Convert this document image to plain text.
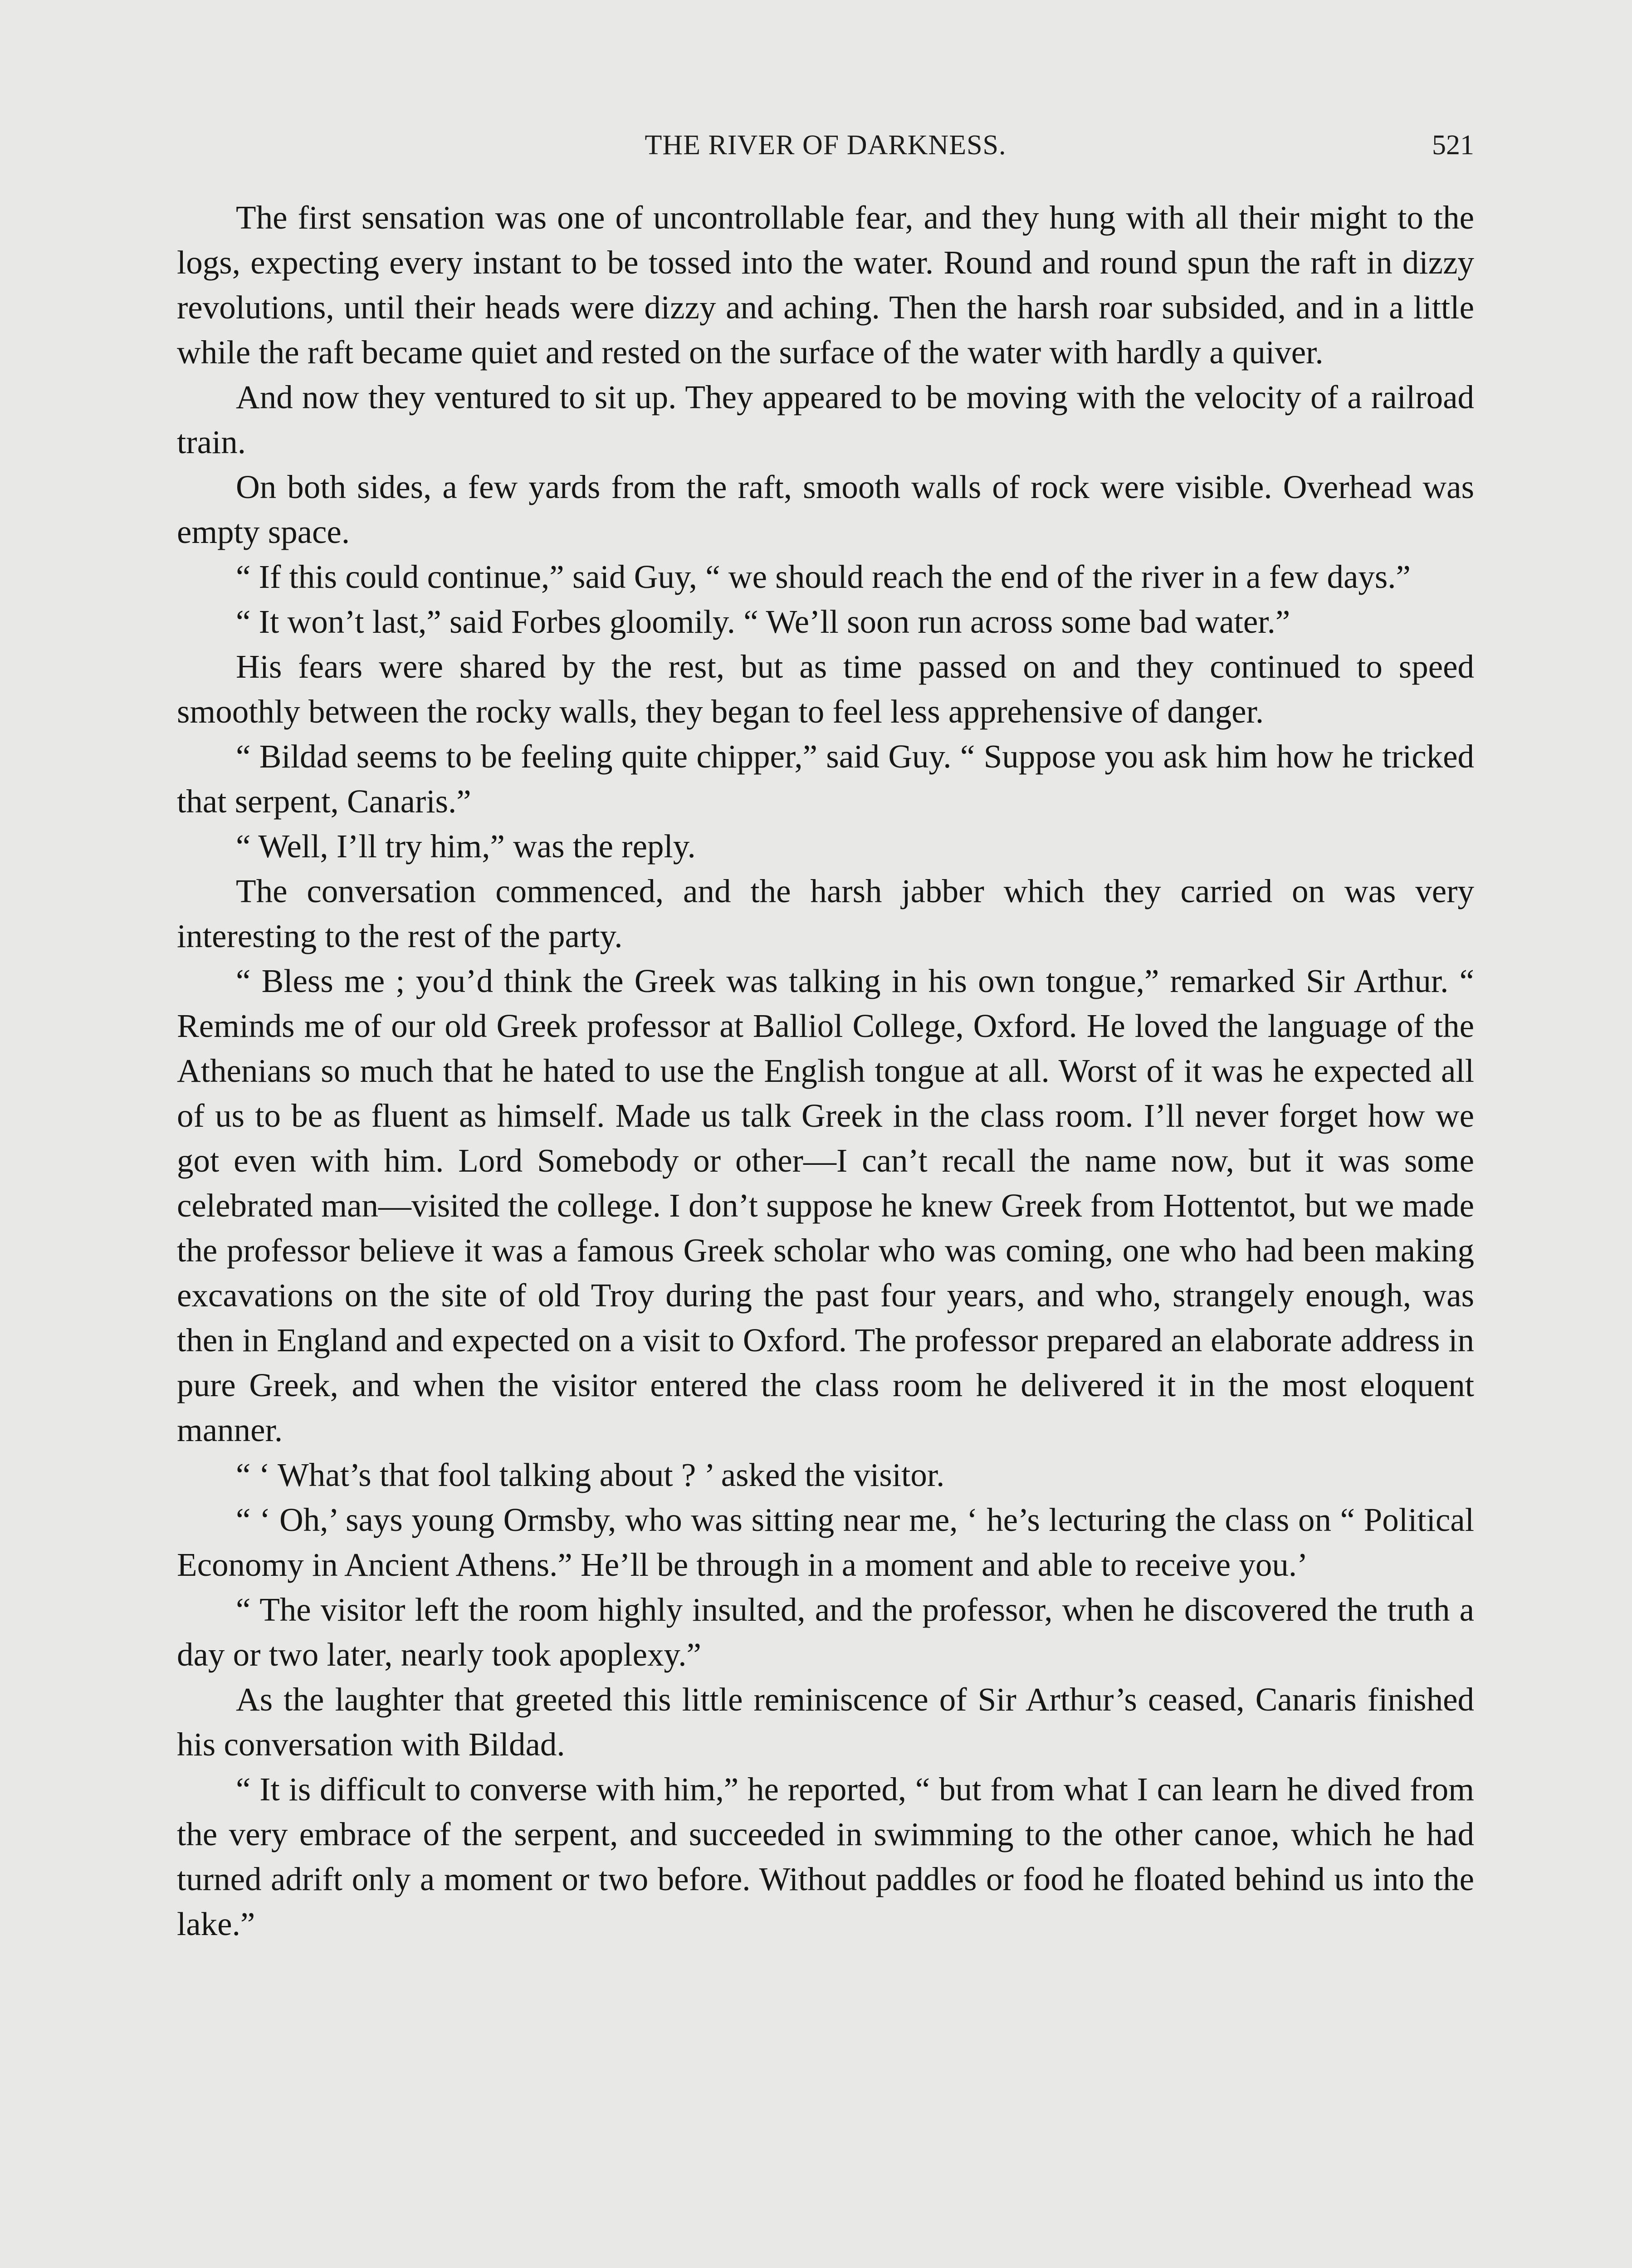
THE RIVER OF DARKNESS.	521

The first sensation was one of uncontrollable fear, and they hung with all their might to the logs, expecting every instant to be tossed into the water. Round and round spun the raft in dizzy revolutions, until their heads were dizzy and aching. Then the harsh roar subsided, and in a little while the raft became quiet and rested on the surface of the water with hardly a quiver.

And now they ventured to sit up. They appeared to be moving with the velocity of a railroad train.

On both sides, a few yards from the raft, smooth walls of rock were visible. Overhead was empty space.

“ If this could continue,” said Guy, “ we should reach the end of the river in a few days.”

“ It won’t last,” said Forbes gloomily. “ We’ll soon run across some bad water.”

His fears were shared by the rest, but as time passed on and they continued to speed smoothly between the rocky walls, they began to feel less apprehensive of danger.

“ Bildad seems to be feeling quite chipper,” said Guy. “ Suppose you ask him how he tricked that serpent, Canaris.”

“ Well, I’ll try him,” was the reply.

The conversation commenced, and the harsh jabber which they carried on was very interesting to the rest of the party.

“ Bless me ; you’d think the Greek was talking in his own tongue,” remarked Sir Arthur. “ Reminds me of our old Greek professor at Balliol College, Oxford. He loved the language of the Athenians so much that he hated to use the English tongue at all. Worst of it was he expected all of us to be as fluent as himself. Made us talk Greek in the class room. I’ll never forget how we got even with him. Lord Somebody or other—I can’t recall the name now, but it was some celebrated man—visited the college. I don’t suppose he knew Greek from Hottentot, but we made the professor believe it was a famous Greek scholar who was coming, one who had been making excavations on the site of old Troy during the past four years, and who, strangely enough, was then in England and expected on a visit to Oxford. The professor prepared an elaborate address in pure Greek, and when the visitor entered the class room he delivered it in the most eloquent manner.

“ ‘ What’s that fool talking about ? ’ asked the visitor.

“ ‘ Oh,’ says young Ormsby, who was sitting near me, ‘ he’s lecturing the class on “ Political Economy in Ancient Athens.” He’ll be through in a moment and able to receive you.’

“ The visitor left the room highly insulted, and the professor, when he discovered the truth a day or two later, nearly took apoplexy.”

As the laughter that greeted this little reminiscence of Sir Arthur’s ceased, Canaris finished his conversation with Bildad.

“ It is difficult to converse with him,” he reported, “ but from what I can learn he dived from the very embrace of the serpent, and succeeded in swimming to the other canoe, which he had turned adrift only a moment or two before. Without paddles or food he floated behind us into the lake.”
